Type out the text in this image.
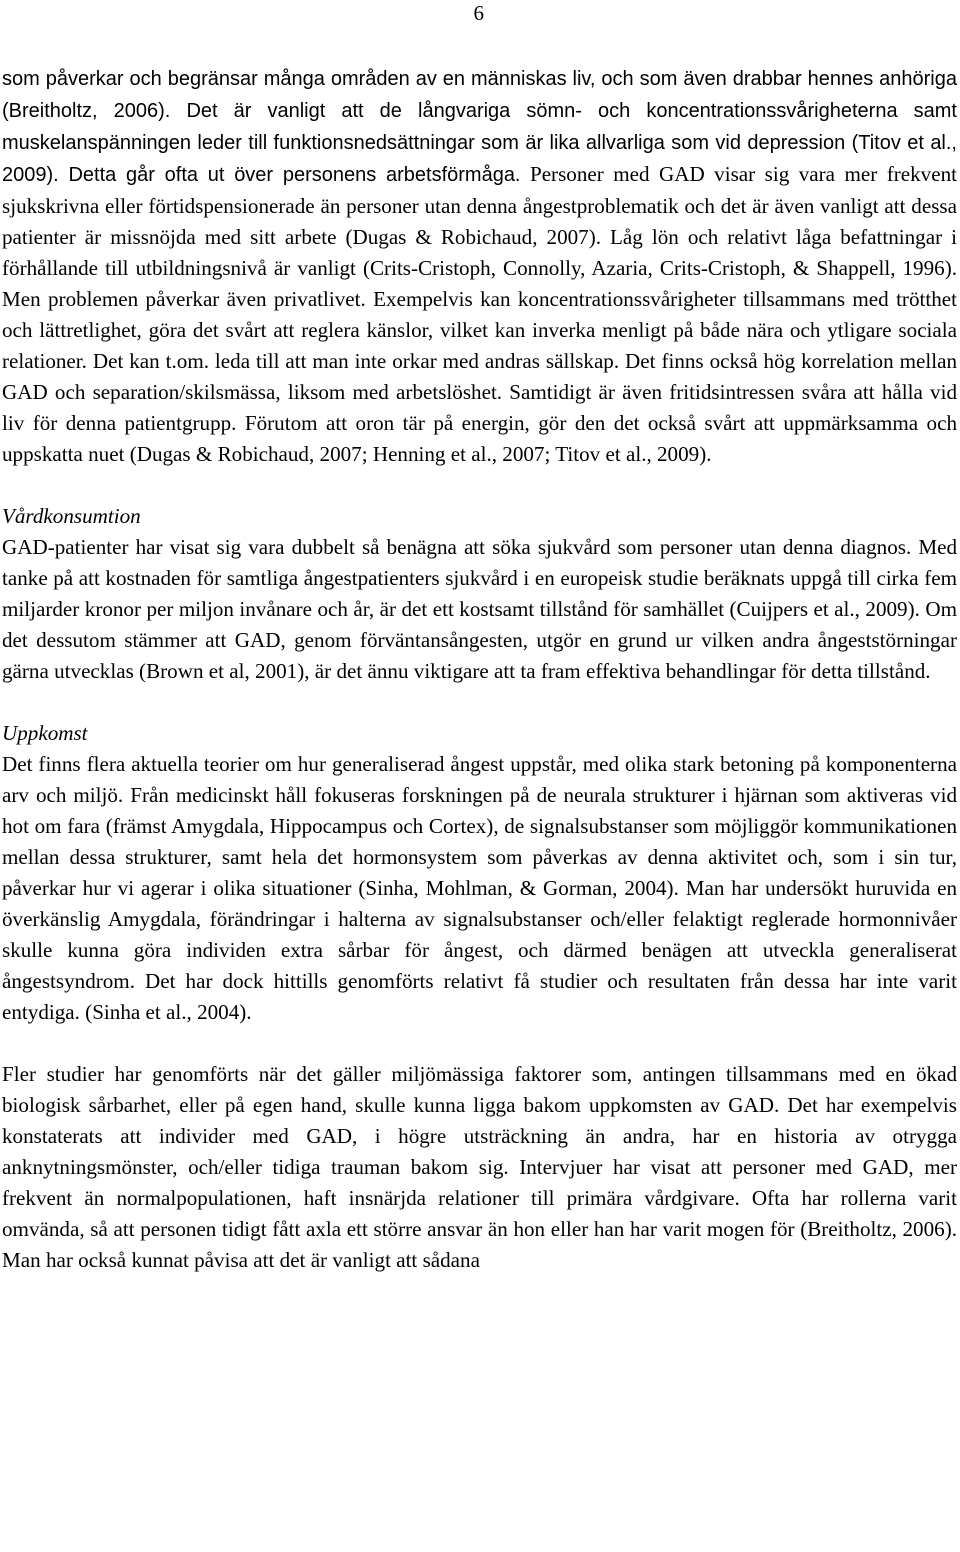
6

som påverkar och begränsar många områden av en människas liv, och som även drabbar hennes anhöriga (Breitholtz, 2006). Det är vanligt att de långvariga sömn- och koncentrationssvårigheterna samt muskelanspänningen leder till funktionsnedsättningar som är lika allvarliga som vid depression (Titov et al., 2009). Detta går ofta ut över personens arbetsförmåga. Personer med GAD visar sig vara mer frekvent sjukskrivna eller förtidspensionerade än personer utan denna ångestproblematik och det är även vanligt att dessa patienter är missnöjda med sitt arbete (Dugas & Robichaud, 2007). Låg lön och relativt låga befattningar i förhållande till utbildningsnivå är vanligt (Crits-Cristoph, Connolly, Azaria, Crits-Cristoph, & Shappell, 1996). Men problemen påverkar även privatlivet. Exempelvis kan koncentrationssvårigheter tillsammans med trötthet och lättretlighet, göra det svårt att reglera känslor, vilket kan inverka menligt på både nära och ytligare sociala relationer. Det kan t.om. leda till att man inte orkar med andras sällskap. Det finns också hög korrelation mellan GAD och separation/skilsmässa, liksom med arbetslöshet. Samtidigt är även fritidsintressen svåra att hålla vid liv för denna patientgrupp. Förutom att oron tär på energin, gör den det också svårt att uppmärksamma och uppskatta nuet (Dugas & Robichaud, 2007; Henning et al., 2007; Titov et al., 2009).

Vårdkonsumtion

GAD-patienter har visat sig vara dubbelt så benägna att söka sjukvård som personer utan denna diagnos. Med tanke på att kostnaden för samtliga ångestpatienters sjukvård i en europeisk studie beräknats uppgå till cirka fem miljarder kronor per miljon invånare och år, är det ett kostsamt tillstånd för samhället (Cuijpers et al., 2009). Om det dessutom stämmer att GAD, genom förväntansångesten, utgör en grund ur vilken andra ångeststörningar gärna utvecklas (Brown et al, 2001), är det ännu viktigare att ta fram effektiva behandlingar för detta tillstånd.

Uppkomst

Det finns flera aktuella teorier om hur generaliserad ångest uppstår, med olika stark betoning på komponenterna arv och miljö. Från medicinskt håll fokuseras forskningen på de neurala strukturer i hjärnan som aktiveras vid hot om fara (främst Amygdala, Hippocampus och Cortex), de signalsubstanser som möjliggör kommunikationen mellan dessa strukturer, samt hela det hormonsystem som påverkas av denna aktivitet och, som i sin tur, påverkar hur vi agerar i olika situationer (Sinha, Mohlman, & Gorman, 2004). Man har undersökt huruvida en överkänslig Amygdala, förändringar i halterna av signalsubstanser och/eller felaktigt reglerade hormonnivåer skulle kunna göra individen extra sårbar för ångest, och därmed benägen att utveckla generaliserat ångestsyndrom. Det har dock hittills genomförts relativt få studier och resultaten från dessa har inte varit entydiga. (Sinha et al., 2004).

Fler studier har genomförts när det gäller miljömässiga faktorer som, antingen tillsammans med en ökad biologisk sårbarhet, eller på egen hand, skulle kunna ligga bakom uppkomsten av GAD. Det har exempelvis konstaterats att individer med GAD, i högre utsträckning än andra, har en historia av otrygga anknytningsmönster, och/eller tidiga trauman bakom sig. Intervjuer har visat att personer med GAD, mer frekvent än normalpopulationen, haft insnärjda relationer till primära vårdgivare. Ofta har rollerna varit omvända, så att personen tidigt fått axla ett större ansvar än hon eller han har varit mogen för (Breitholtz, 2006). Man har också kunnat påvisa att det är vanligt att sådana
